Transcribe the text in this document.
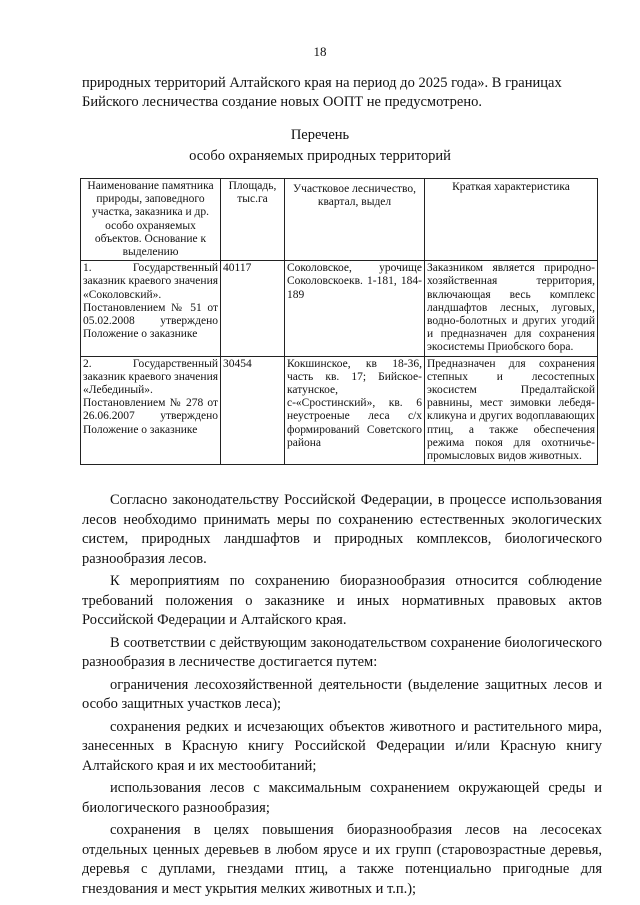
18

природных территорий Алтайского края на период до 2025 года». В границах Бийского лесничества создание новых ООПТ не предусмотрено.

Перечень
особо охраняемых природных территорий
Наименование памятника природы, заповедного участка, заказника и др. особо охраняемых объектов. Основание к выделению	Площадь, тыс.га	Участковое лесничество, квартал, выдел	Краткая характеристика
1. Государственный заказник краевого значения «Соколовский». Постановлением № 51 от 05.02.2008 утверждено Положение о заказнике	40117	Соколовское, урочище Соколовскоекв. 1-181, 184-189	Заказником является природно-хозяйственная территория, включающая весь комплекс ландшафтов лесных, луговых, водно-болотных и других угодий и предназначен для сохранения экосистемы Приобского бора.
2. Государственный заказник краевого значения «Лебединый». Постановлением № 278 от 26.06.2007 утверждено Положение о заказнике	30454	Кокшинское, кв 18-36, часть кв. 17; Бийское-катунское, с-«Сростинский», кв. 6 неустроеные леса с/х формирований Советского района	Предназначен для сохранения степных и лесостепных экосистем Предалтайской равнины, мест зимовки лебедя-кликуна и других водоплавающих птиц, а также обеспечения режима покоя для охотничье-промысловых видов животных.

Согласно законодательству Российской Федерации, в процессе использования лесов необходимо принимать меры по сохранению естественных экологических систем, природных ландшафтов и природных комплексов, биологического разнообразия лесов.

К мероприятиям по сохранению биоразнообразия относится соблюдение требований положения о заказнике и иных нормативных правовых актов Российской Федерации и Алтайского края.

В соответствии с действующим законодательством сохранение биологического разнообразия в лесничестве достигается путем:

ограничения лесохозяйственной деятельности (выделение защитных лесов и особо защитных участков леса);

сохранения редких и исчезающих объектов животного и растительного мира, занесенных в Красную книгу Российской Федерации и/или Красную книгу Алтайского края и их местообитаний;

использования лесов с максимальным сохранением окружающей среды и биологического разнообразия;

сохранения в целях повышения биоразнообразия лесов на лесосеках отдельных ценных деревьев в любом ярусе и их групп (старовозрастные деревья, деревья с дуплами, гнездами птиц, а также потенциально пригодные для гнездования и мест укрытия мелких животных и т.п.);
